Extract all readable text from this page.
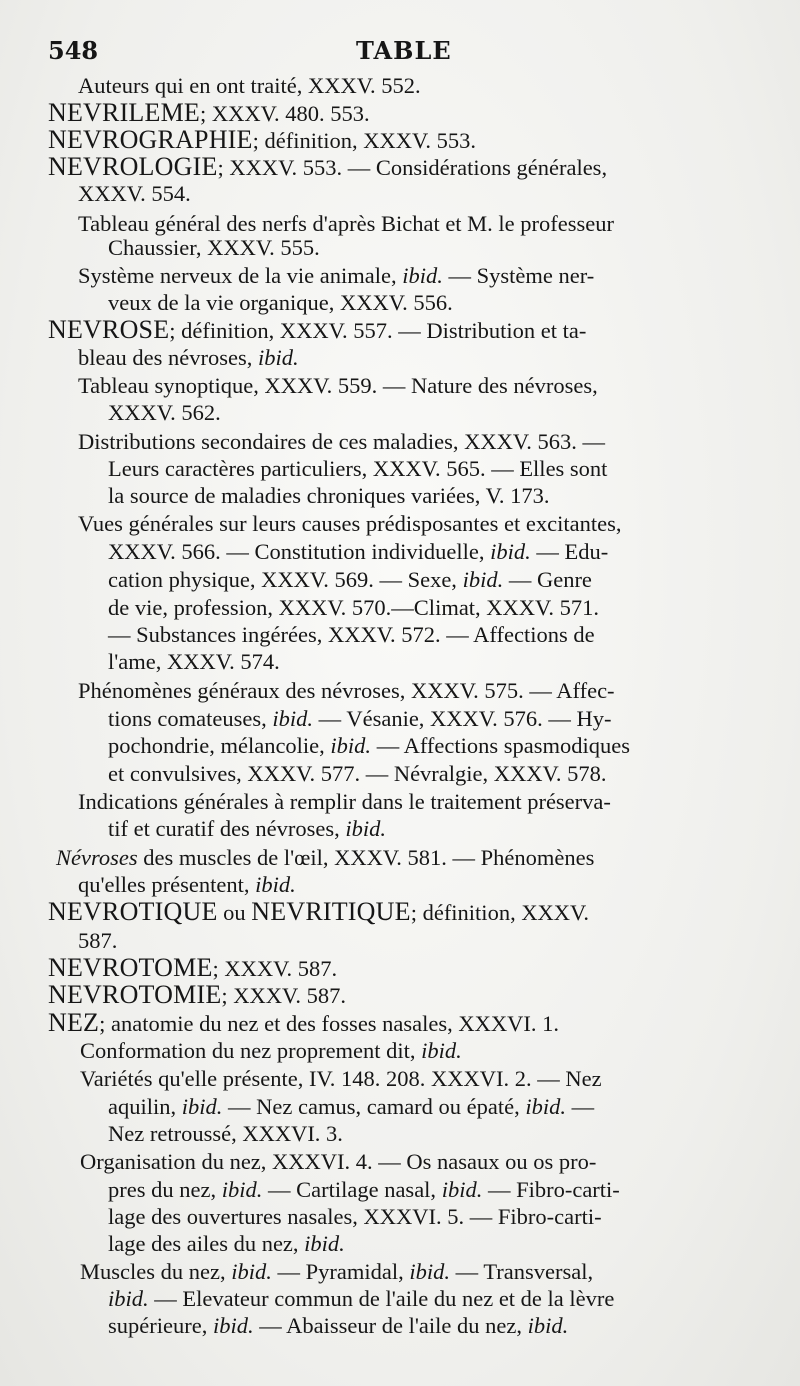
548	TABLE
Auteurs qui en ont traité, XXXV. 552.
NEVRILEME; XXXV. 480. 553.
NEVROGRAPHIE; définition, XXXV. 553.
NEVROLOGIE; XXXV. 553. — Considérations générales,
XXXV. 554.
Tableau général des nerfs d'après Bichat et M. le professeur
Chaussier, XXXV. 555.
Système nerveux de la vie animale, ibid. — Système ner-
veux de la vie organique, XXXV. 556.
NEVROSE; définition, XXXV. 557. — Distribution et ta-
bleau des névroses, ibid.
Tableau synoptique, XXXV. 559. — Nature des névroses,
XXXV. 562.
Distributions secondaires de ces maladies, XXXV. 563. —
Leurs caractères particuliers, XXXV. 565. — Elles sont
la source de maladies chroniques variées, V. 173.
Vues générales sur leurs causes prédisposantes et excitantes,
XXXV. 566. — Constitution individuelle, ibid. — Edu-
cation physique, XXXV. 569. — Sexe, ibid. — Genre
de vie, profession, XXXV. 570.—Climat, XXXV. 571.
— Substances ingérées, XXXV. 572. — Affections de
l'ame, XXXV. 574.
Phénomènes généraux des névroses, XXXV. 575. — Affec-
tions comateuses, ibid. — Vésanie, XXXV. 576. — Hy-
pochondrie, mélancolie, ibid. — Affections spasmodiques
et convulsives, XXXV. 577. — Névralgie, XXXV. 578.
Indications générales à remplir dans le traitement préserva-
tif et curatif des névroses, ibid.
Névroses des muscles de l'œil, XXXV. 581. — Phénomènes
qu'elles présentent, ibid.
NEVROTIQUE ou NEVRITIQUE; définition, XXXV.
587.
NEVROTOME; XXXV. 587.
NEVROTOMIE; XXXV. 587.
NEZ; anatomie du nez et des fosses nasales, XXXVI. 1.
Conformation du nez proprement dit, ibid.
Variétés qu'elle présente, IV. 148. 208. XXXVI. 2. — Nez
aquilin, ibid. — Nez camus, camard ou épaté, ibid. —
Nez retroussé, XXXVI. 3.
Organisation du nez, XXXVI. 4. — Os nasaux ou os pro-
pres du nez, ibid. — Cartilage nasal, ibid. — Fibro-carti-
lage des ouvertures nasales, XXXVI. 5. — Fibro-carti-
lage des ailes du nez, ibid.
Muscles du nez, ibid. — Pyramidal, ibid. — Transversal,
ibid. — Elevateur commun de l'aile du nez et de la lèvre
supérieure, ibid. — Abaisseur de l'aile du nez, ibid.
